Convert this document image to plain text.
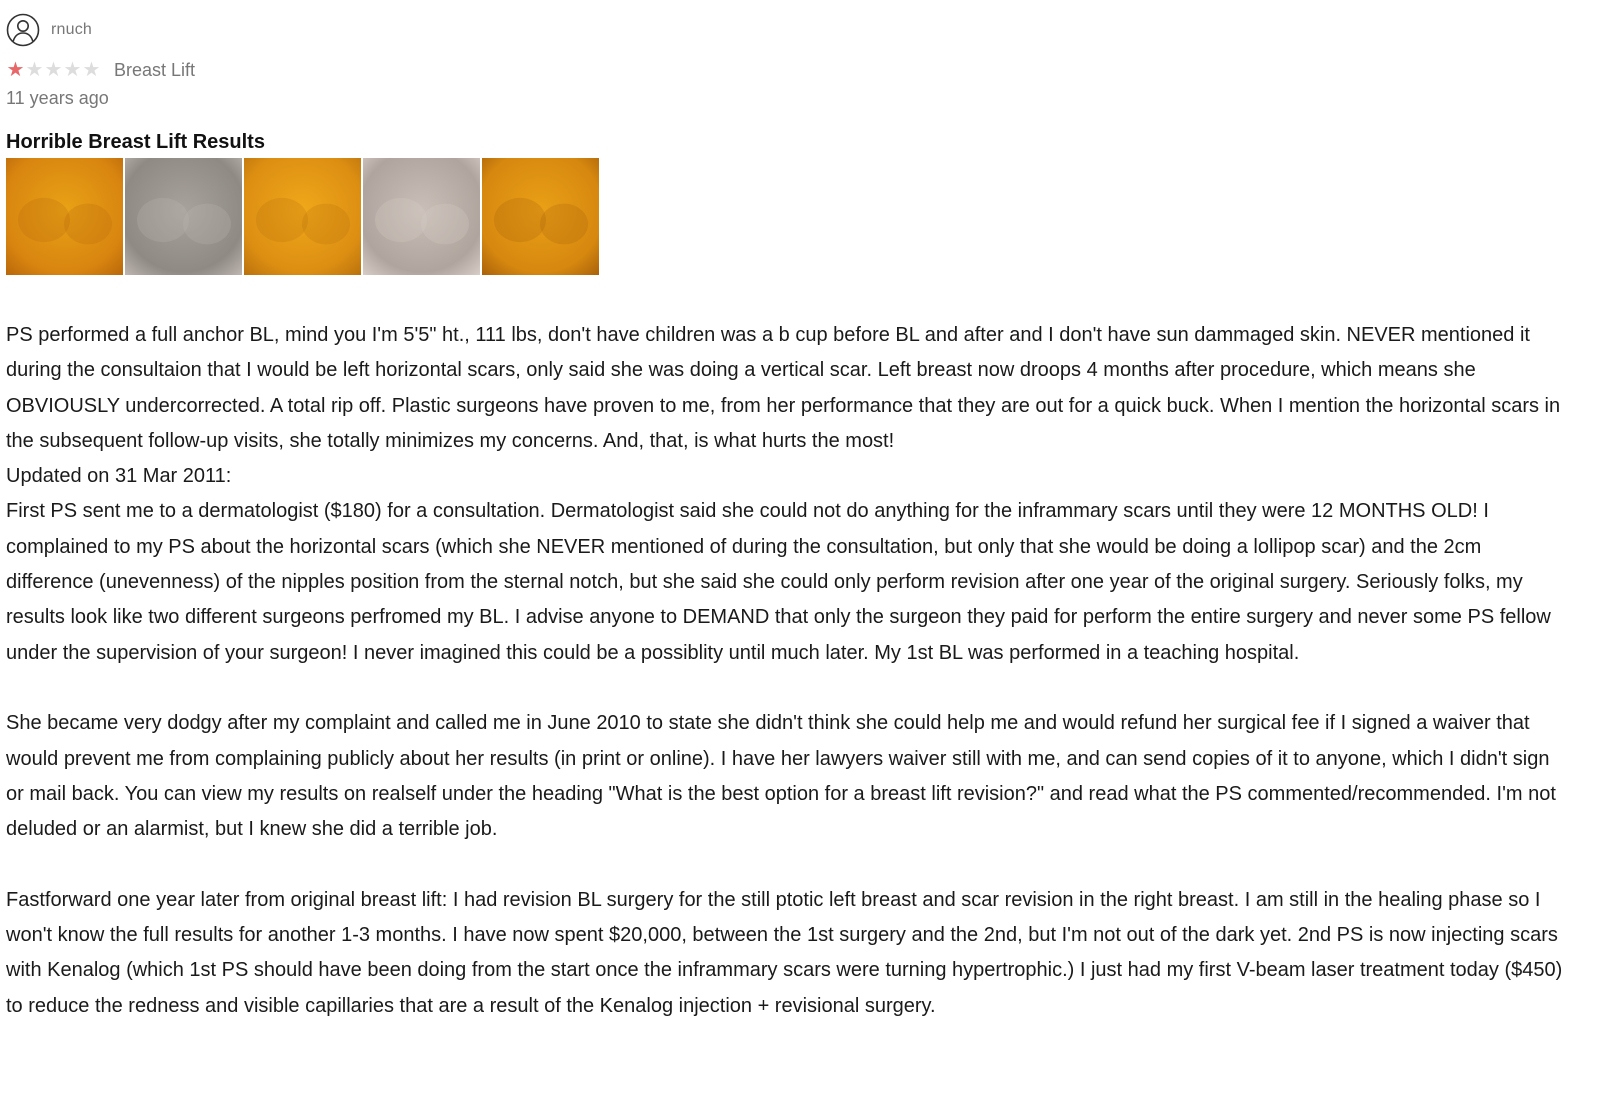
rnuch
★ ★ ★ ★ ★ Breast Lift
11 years ago
Horrible Breast Lift Results

PS performed a full anchor BL, mind you I'm 5'5" ht., 111 lbs, don't have children was a b cup before BL and after and I don't have sun dammaged skin. NEVER mentioned it during the consultaion that I would be left horizontal scars, only said she was doing a vertical scar. Left breast now droops 4 months after procedure, which means she OBVIOUSLY undercorrected. A total rip off. Plastic surgeons have proven to me, from her performance that they are out for a quick buck. When I mention the horizontal scars in the subsequent follow-up visits, she totally minimizes my concerns. And, that, is what hurts the most!

Updated on 31 Mar 2011:

First PS sent me to a dermatologist ($180) for a consultation. Dermatologist said she could not do anything for the inframmary scars until they were 12 MONTHS OLD! I complained to my PS about the horizontal scars (which she NEVER mentioned of during the consultation, but only that she would be doing a lollipop scar) and the 2cm difference (unevenness) of the nipples position from the sternal notch, but she said she could only perform revision after one year of the original surgery. Seriously folks, my results look like two different surgeons perfromed my BL. I advise anyone to DEMAND that only the surgeon they paid for perform the entire surgery and never some PS fellow under the supervision of your surgeon! I never imagined this could be a possiblity until much later. My 1st BL was performed in a teaching hospital.

She became very dodgy after my complaint and called me in June 2010 to state she didn't think she could help me and would refund her surgical fee if I signed a waiver that would prevent me from complaining publicly about her results (in print or online). I have her lawyers waiver still with me, and can send copies of it to anyone, which I didn't sign or mail back. You can view my results on realself under the heading "What is the best option for a breast lift revision?" and read what the PS commented/recommended. I'm not deluded or an alarmist, but I knew she did a terrible job.

Fastforward one year later from original breast lift: I had revision BL surgery for the still ptotic left breast and scar revision in the right breast. I am still in the healing phase so I won't know the full results for another 1-3 months. I have now spent $20,000, between the 1st surgery and the 2nd, but I'm not out of the dark yet. 2nd PS is now injecting scars with Kenalog (which 1st PS should have been doing from the start once the inframmary scars were turning hypertrophic.) I just had my first V-beam laser treatment today ($450) to reduce the redness and visible capillaries that are a result of the Kenalog injection + revisional surgery.
